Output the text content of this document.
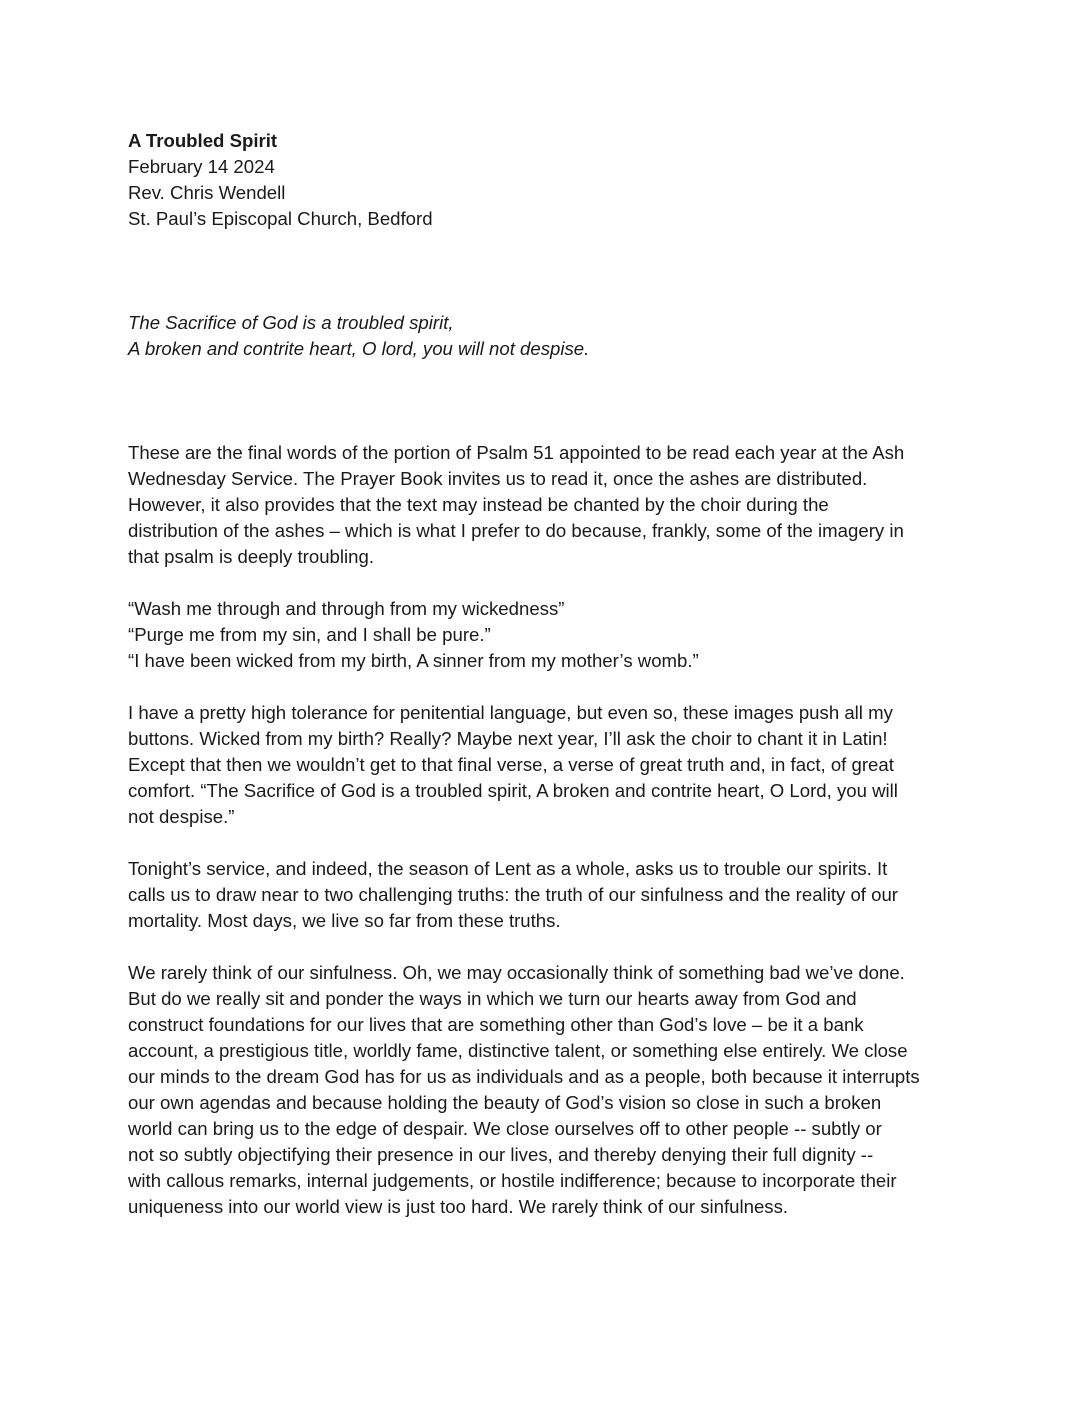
A Troubled Spirit
February 14 2024
Rev. Chris Wendell
St. Paul’s Episcopal Church, Bedford
The Sacrifice of God is a troubled spirit,
A broken and contrite heart, O lord, you will not despise.
These are the final words of the portion of Psalm 51 appointed to be read each year at the Ash
Wednesday Service. The Prayer Book invites us to read it, once the ashes are distributed.
However, it also provides that the text may instead be chanted by the choir during the
distribution of the ashes – which is what I prefer to do because, frankly, some of the imagery in
that psalm is deeply troubling.
“Wash me through and through from my wickedness”
“Purge me from my sin, and I shall be pure.”
“I have been wicked from my birth, A sinner from my mother’s womb.”
I have a pretty high tolerance for penitential language, but even so, these images push all my
buttons. Wicked from my birth? Really? Maybe next year, I’ll ask the choir to chant it in Latin!
Except that then we wouldn’t get to that final verse, a verse of great truth and, in fact, of great
comfort. “The Sacrifice of God is a troubled spirit, A broken and contrite heart, O Lord, you will
not despise.”
Tonight’s service, and indeed, the season of Lent as a whole, asks us to trouble our spirits. It
calls us to draw near to two challenging truths: the truth of our sinfulness and the reality of our
mortality. Most days, we live so far from these truths.
We rarely think of our sinfulness. Oh, we may occasionally think of something bad we’ve done.
But do we really sit and ponder the ways in which we turn our hearts away from God and
construct foundations for our lives that are something other than God’s love – be it a bank
account, a prestigious title, worldly fame, distinctive talent, or something else entirely. We close
our minds to the dream God has for us as individuals and as a people, both because it interrupts
our own agendas and because holding the beauty of God’s vision so close in such a broken
world can bring us to the edge of despair. We close ourselves off to other people -- subtly or
not so subtly objectifying their presence in our lives, and thereby denying their full dignity --
with callous remarks, internal judgements, or hostile indifference; because to incorporate their
uniqueness into our world view is just too hard. We rarely think of our sinfulness.
